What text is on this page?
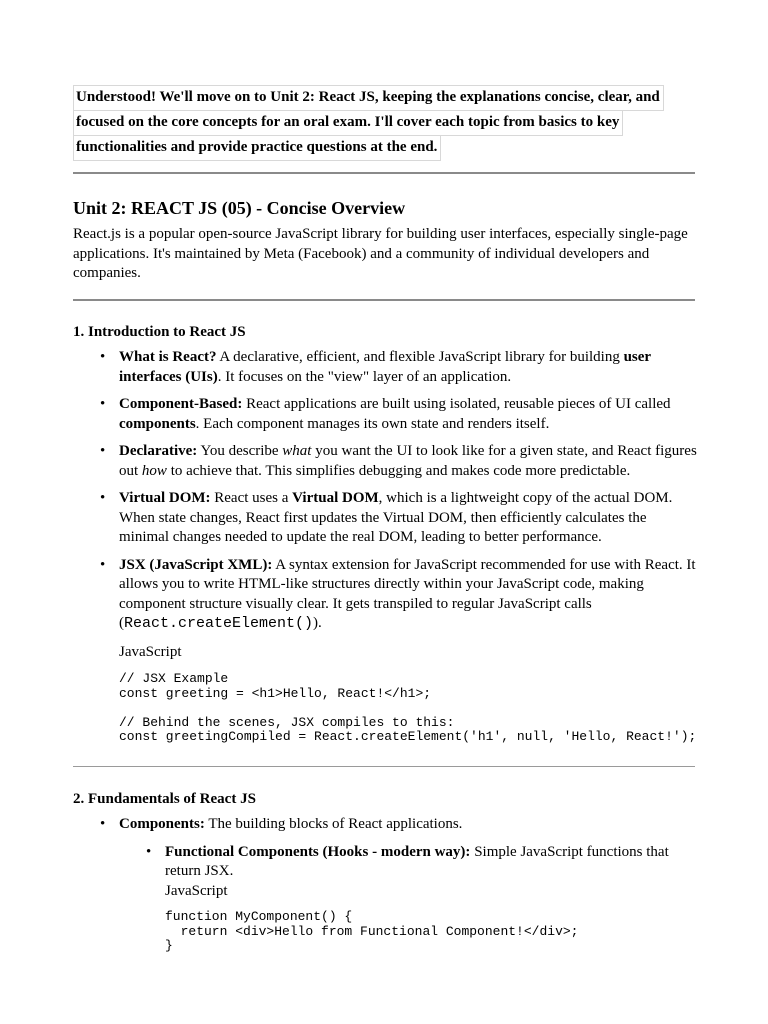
Understood! We'll move on to Unit 2: React JS, keeping the explanations concise, clear, and
focused on the core concepts for an oral exam. I'll cover each topic from basics to key
functionalities and provide practice questions at the end.
Unit 2: REACT JS (05) - Concise Overview
React.js is a popular open-source JavaScript library for building user interfaces, especially single-page applications. It's maintained by Meta (Facebook) and a community of individual developers and companies.
1. Introduction to React JS
• What is React? A declarative, efficient, and flexible JavaScript library for building user interfaces (UIs). It focuses on the "view" layer of an application.
• Component-Based: React applications are built using isolated, reusable pieces of UI called components. Each component manages its own state and renders itself.
• Declarative: You describe what you want the UI to look like for a given state, and React figures out how to achieve that. This simplifies debugging and makes code more predictable.
• Virtual DOM: React uses a Virtual DOM, which is a lightweight copy of the actual DOM. When state changes, React first updates the Virtual DOM, then efficiently calculates the minimal changes needed to update the real DOM, leading to better performance.
• JSX (JavaScript XML): A syntax extension for JavaScript recommended for use with React. It allows you to write HTML-like structures directly within your JavaScript code, making component structure visually clear. It gets transpiled to regular JavaScript calls (React.createElement()).
JavaScript
// JSX Example
const greeting = <h1>Hello, React!</h1>;

// Behind the scenes, JSX compiles to this:
const greetingCompiled = React.createElement('h1', null, 'Hello, React!');
2. Fundamentals of React JS
• Components: The building blocks of React applications.
• Functional Components (Hooks - modern way): Simple JavaScript functions that return JSX.
JavaScript
function MyComponent() {
return <div>Hello from Functional Component!</div>;
}
